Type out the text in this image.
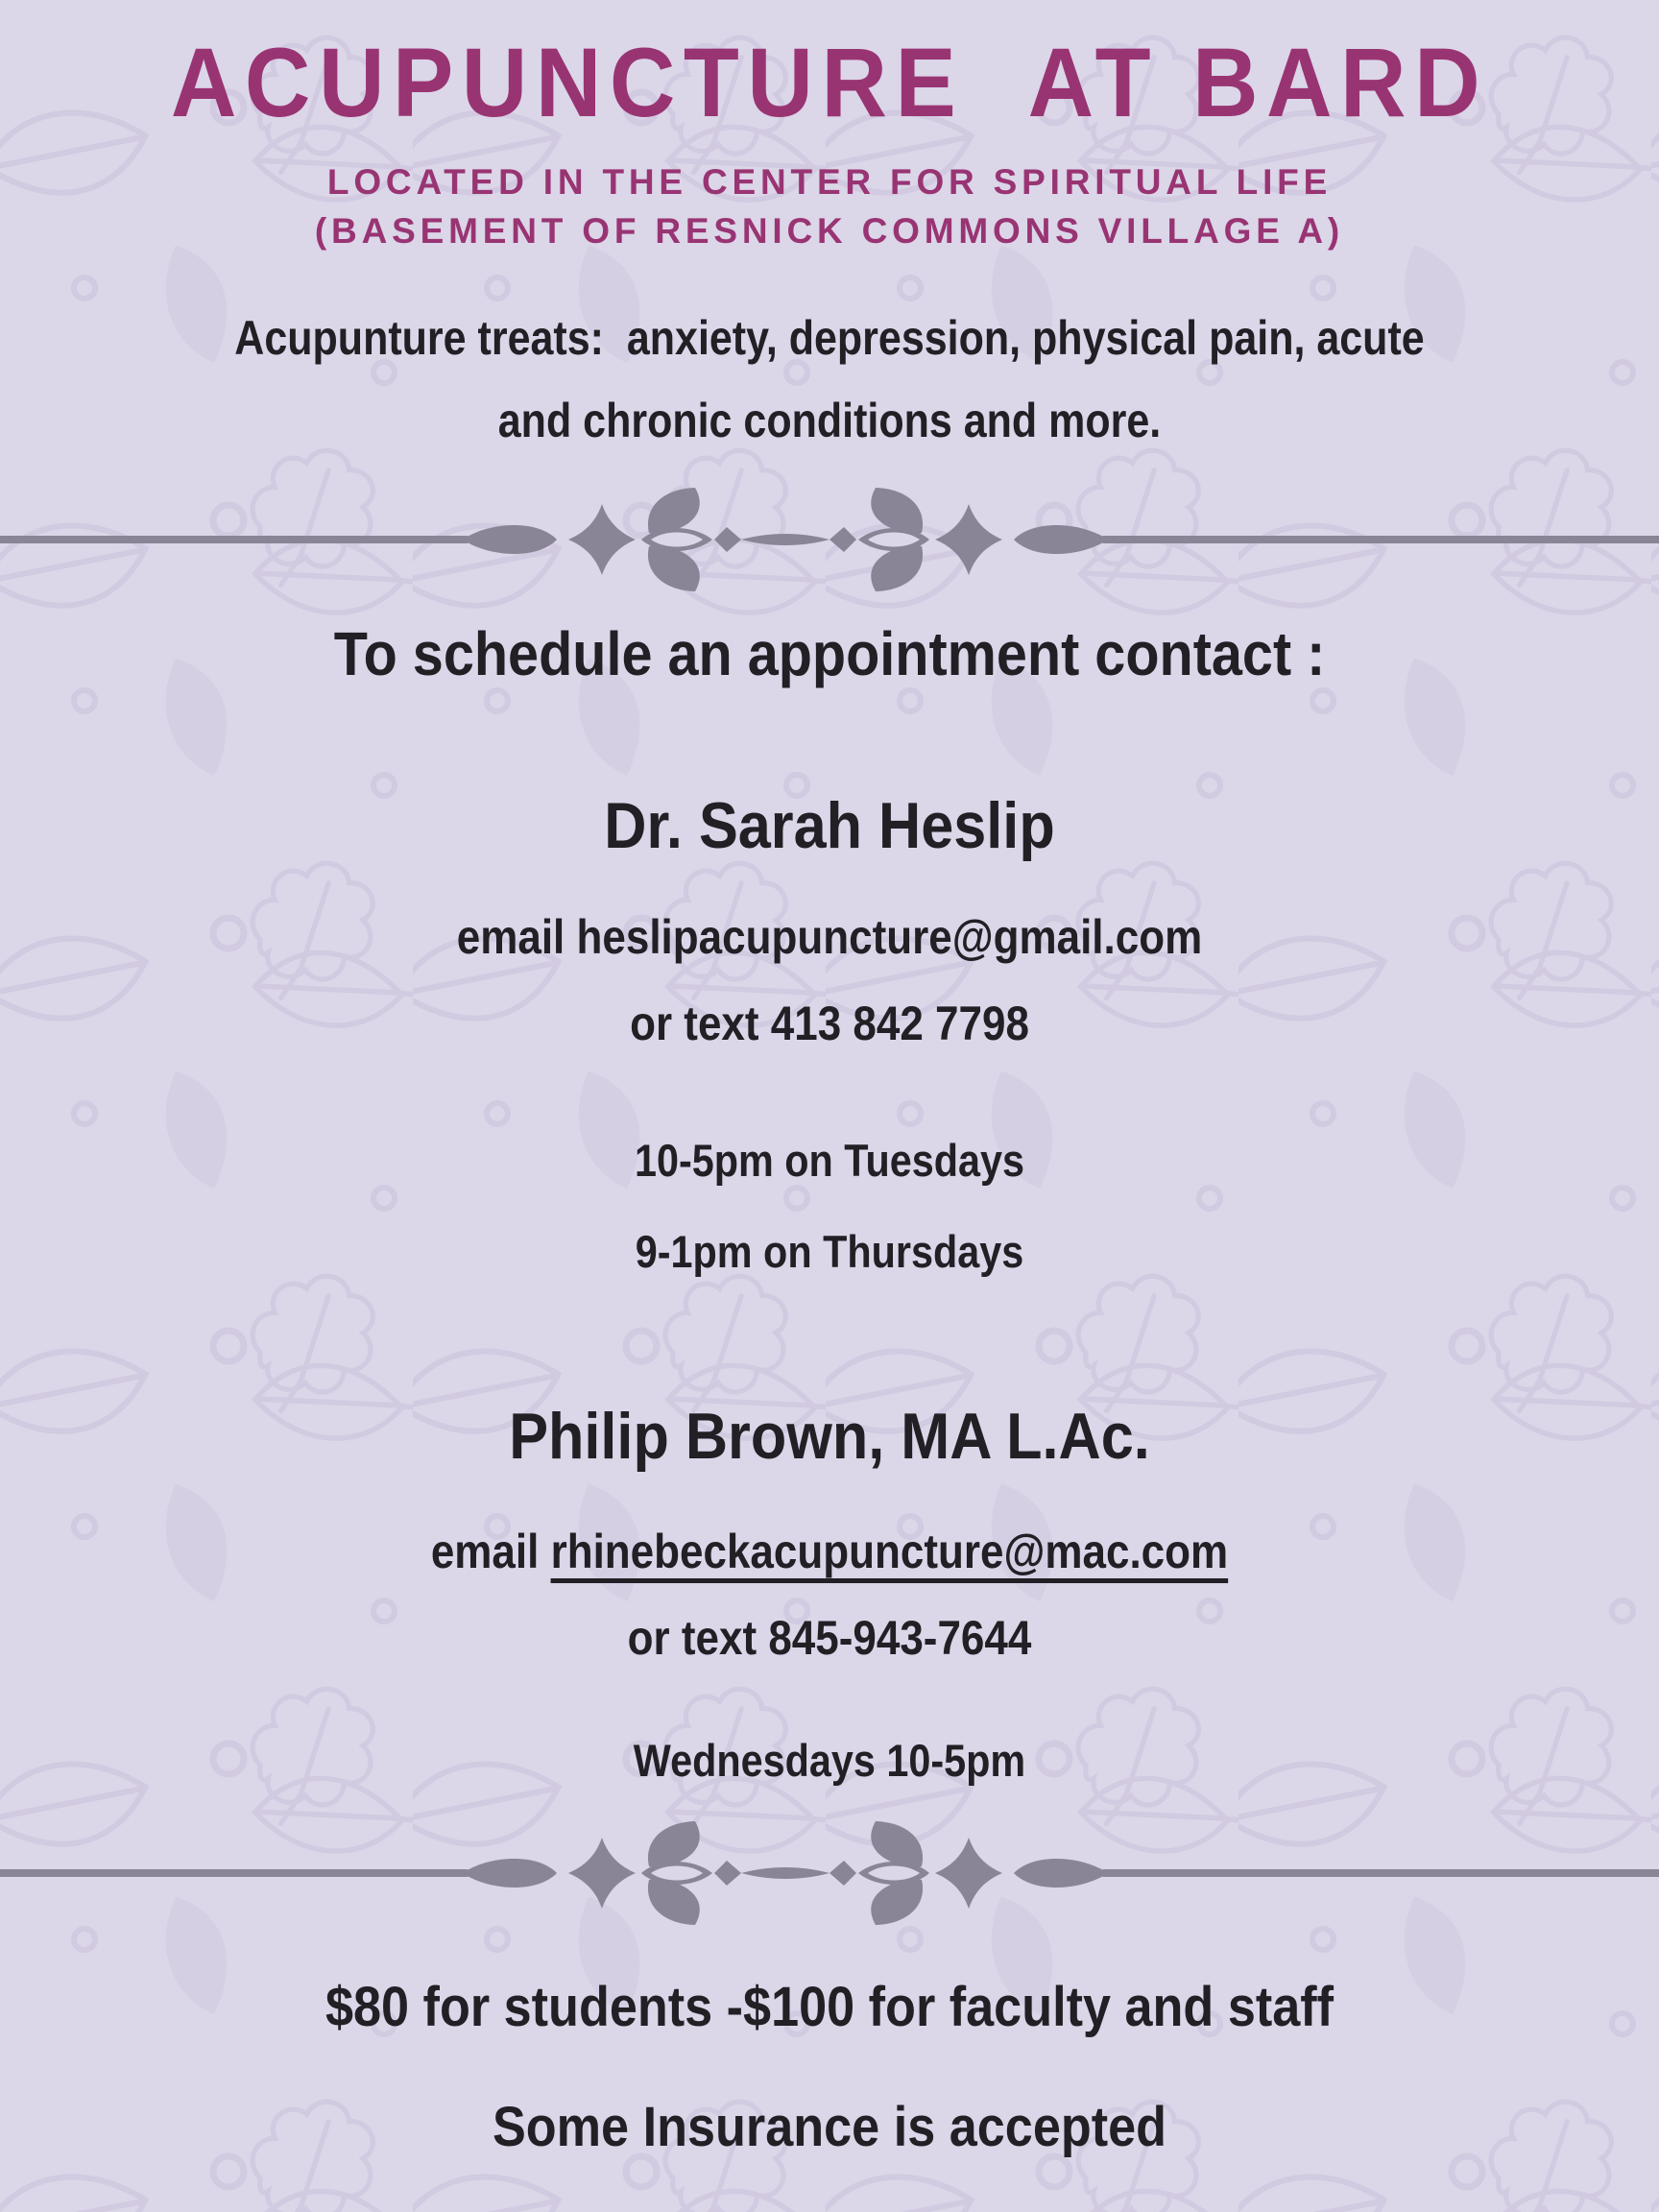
ACUPUNCTURE  AT BARD
LOCATED IN THE CENTER FOR SPIRITUAL LIFE
(BASEMENT OF RESNICK COMMONS VILLAGE A)
Acupunture treats:  anxiety, depression, physical pain, acute
and chronic conditions and more.
To schedule an appointment contact :
Dr. Sarah Heslip
email heslipacupuncture@gmail.com
or text 413 842 7798
10-5pm on Tuesdays
9-1pm on Thursdays
Philip Brown, MA L.Ac.
email rhinebeckacupuncture@mac.com
or text 845-943-7644
Wednesdays 10-5pm
$80 for students -$100 for faculty and staff
Some Insurance is accepted
